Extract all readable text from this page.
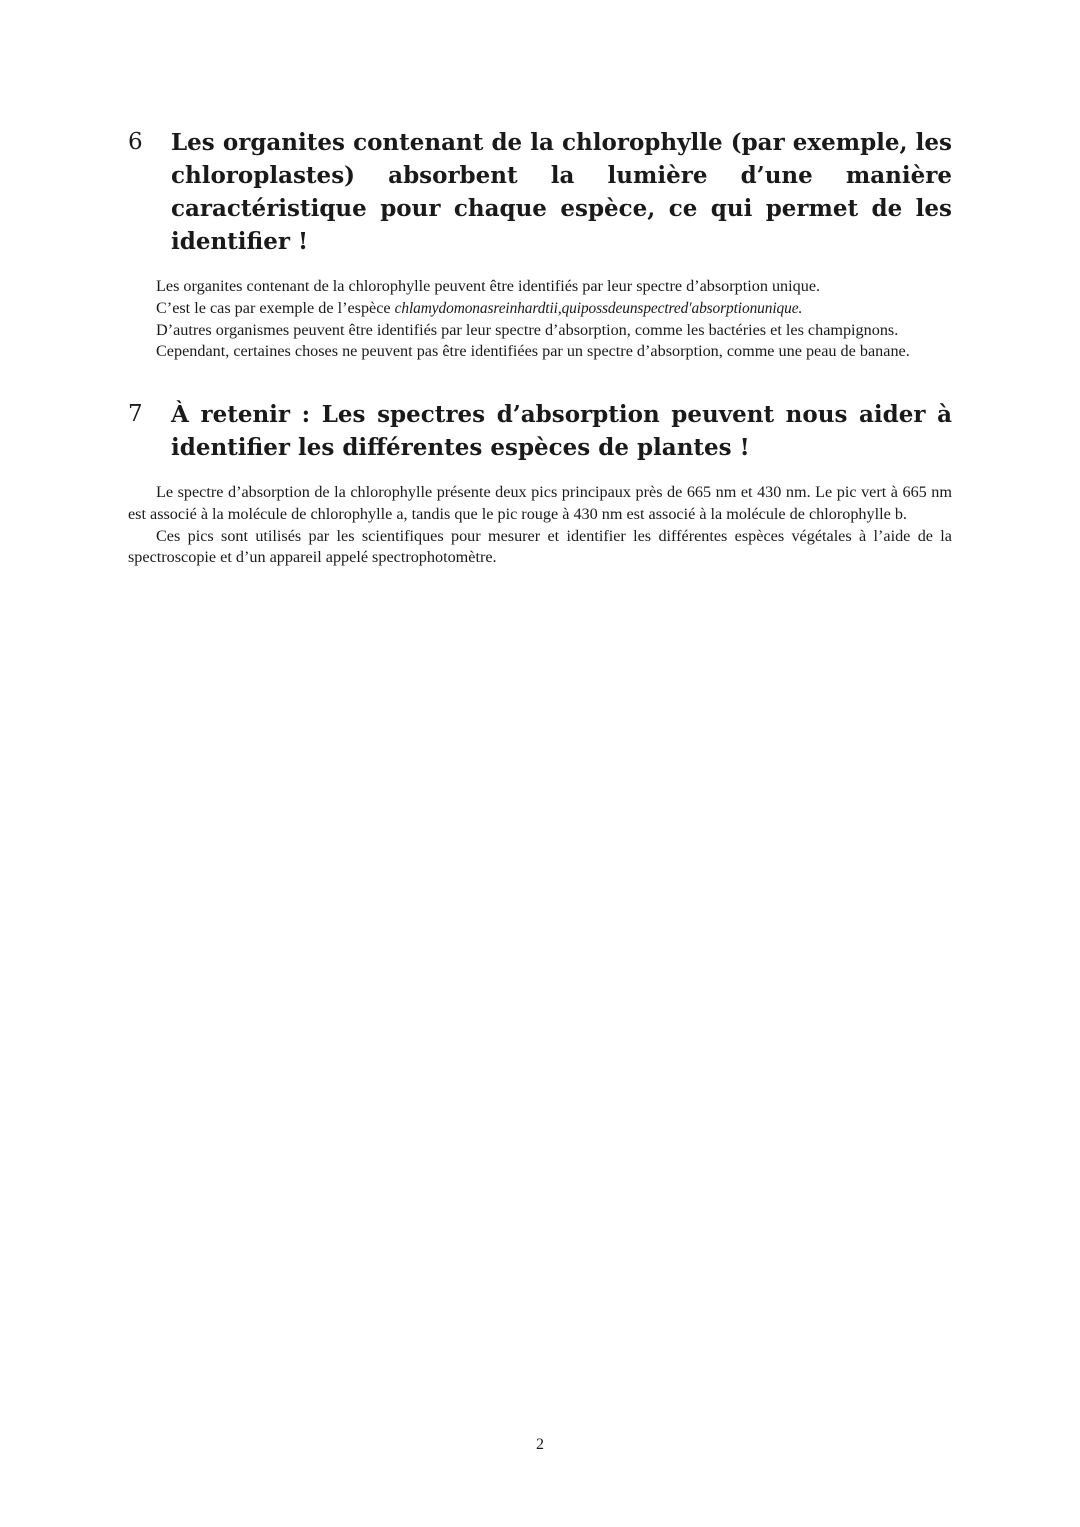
6	Les organites contenant de la chlorophylle (par exemple, les chloroplastes) absorbent la lumière d’une manière caractéristique pour chaque espèce, ce qui permet de les identifier !

Les organites contenant de la chlorophylle peuvent être identifiés par leur spectre d’absorption unique.

C’est le cas par exemple de l’espèce chlamydomonasreinhardtii,quipossdeunspectred′absorptionunique.

D’autres organismes peuvent être identifiés par leur spectre d’absorption, comme les bactéries et les champignons.

Cependant, certaines choses ne peuvent pas être identifiées par un spectre d’absorption, comme une peau de banane.

7	À retenir : Les spectres d’absorption peuvent nous aider à identifier les différentes espèces de plantes !

Le spectre d’absorption de la chlorophylle présente deux pics principaux près de 665 nm et 430 nm. Le pic vert à 665 nm est associé à la molécule de chlorophylle a, tandis que le pic rouge à 430 nm est associé à la molécule de chlorophylle b.

Ces pics sont utilisés par les scientifiques pour mesurer et identifier les différentes espèces végétales à l’aide de la spectroscopie et d’un appareil appelé spectrophotomètre.

2
